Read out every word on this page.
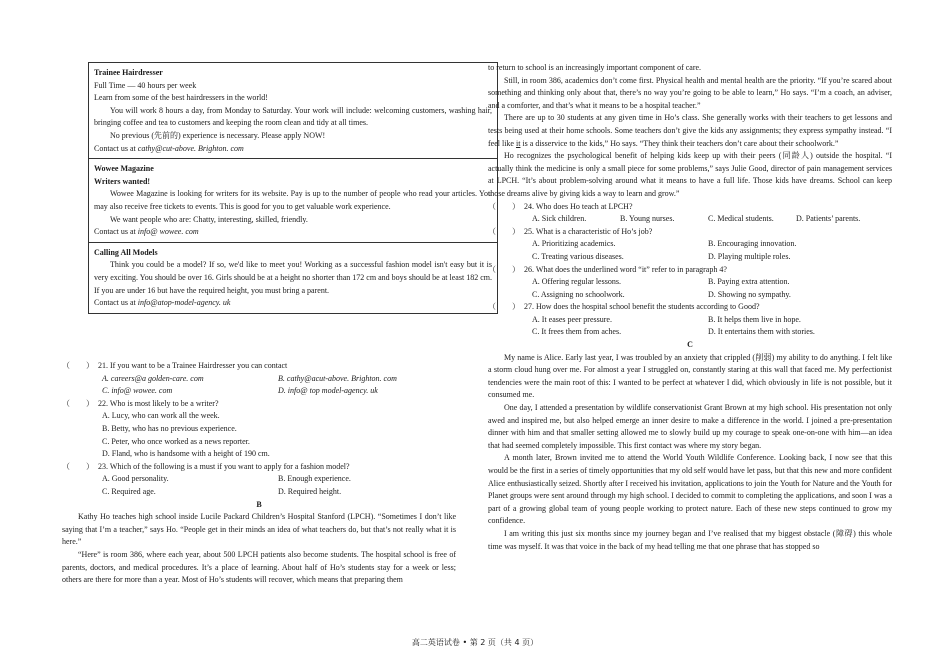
Trainee Hairdresser

Full Time — 40 hours per week

Learn from some of the best hairdressers in the world!

You will work 8 hours a day, from Monday to Saturday. Your work will include: welcoming customers, washing hair, bringing coffee and tea to customers and keeping the room clean and tidy at all times.

No previous (先前的) experience is necessary. Please apply NOW!

Contact us at cathy@cut-above. Brighton. com

Wowee Magazine

Writers wanted!

Wowee Magazine is looking for writers for its website. Pay is up to the number of people who read your articles. You may also receive free tickets to events. This is good for you to get valuable work experience.

We want people who are: Chatty, interesting, skilled, friendly.

Contact us at info@ wowee. com

Calling All Models

Think you could be a model? If so, we'd like to meet you! Working as a successful fashion model isn't easy but it is very exciting. You should be over 16. Girls should be at a height no shorter than 172 cm and boys should be at least 182 cm. If you are under 16 but have the required height, you must bring a parent.

Contact us at info@atop-model-agency. uk

（　　） 21. If you want to be a Trainee Hairdresser you can contact

A. careers@a golden-care. com	B. cathy@acut-above. Brighton. com
C. info@ wowee. com	D. info@ top model-agency. uk

（　　） 22. Who is most likely to be a writer?

A. Lucy, who can work all the week.
B. Betty, who has no previous experience.
C. Peter, who once worked as a news reporter.
D. Fland, who is handsome with a height of 190 cm.

（　　） 23. Which of the following is a must if you want to apply for a fashion model?

A. Good personality.	B. Enough experience.
C. Required age.	D. Required height.

B

Kathy Ho teaches high school inside Lucile Packard Children’s Hospital Stanford (LPCH). “Sometimes I don’t like saying that I’m a teacher,” says Ho. “People get in their minds an idea of what teachers do, but that’s not really what it is here.”

“Here” is room 386, where each year, about 500 LPCH patients also become students. The hospital school is free of parents, doctors, and medical procedures. It’s a place of learning. About half of Ho’s students stay for a week or less; others are there for more than a year. Most of Ho’s students will recover, which means that preparing them

to return to school is an increasingly important component of care.

Still, in room 386, academics don’t come first. Physical health and mental health are the priority. “If you’re scared about something and thinking only about that, there’s no way you’re going to be able to learn,” Ho says. “I’m a coach, an adviser, and a comforter, and that’s what it means to be a hospital teacher.”

There are up to 30 students at any given time in Ho’s class. She generally works with their teachers to get lessons and tests being used at their home schools. Some teachers don’t give the kids any assignments; they express sympathy instead. “I feel like it is a disservice to the kids,” Ho says. “They think their teachers don’t care about their schoolwork.”

Ho recognizes the psychological benefit of helping kids keep up with their peers (同龄人) outside the hospital. “I actually think the medicine is only a small piece for some problems,” says Julie Good, director of pain management services at LPCH. “It’s about problem-solving around what it means to have a full life. Those kids have dreams. School can keep those dreams alive by giving kids a way to learn and grow.”

（　　） 24. Who does Ho teach at LPCH?

A. Sick children.	B. Young nurses.	C. Medical students.	D. Patients’ parents.

（　　） 25. What is a characteristic of Ho’s job?

A. Prioritizing academics.	B. Encouraging innovation.
C. Treating various diseases.	D. Playing multiple roles.

（　　） 26. What does the underlined word “it” refer to in paragraph 4?

A. Offering regular lessons.	B. Paying extra attention.
C. Assigning no schoolwork.	D. Showing no sympathy.

（　　） 27. How does the hospital school benefit the students according to Good?

A. It eases peer pressure.	B. It helps them live in hope.
C. It frees them from aches.	D. It entertains them with stories.

C

My name is Alice. Early last year, I was troubled by an anxiety that crippled (削弱) my ability to do anything. I felt like a storm cloud hung over me. For almost a year I struggled on, constantly staring at this wall that faced me. My perfectionist tendencies were the main root of this: I wanted to be perfect at whatever I did, which obviously in life is not possible, but it consumed me.

One day, I attended a presentation by wildlife conservationist Grant Brown at my high school. His presentation not only awed and inspired me, but also helped emerge an inner desire to make a difference in the world. I joined a pre-presentation dinner with him and that smaller setting allowed me to slowly build up my courage to speak one-on-one with him—an idea that had seemed completely impossible. This first contact was where my story began.

A month later, Brown invited me to attend the World Youth Wildlife Conference. Looking back, I now see that this would be the first in a series of timely opportunities that my old self would have let pass, but that this new and more confident Alice enthusiastically seized. Shortly after I received his invitation, applications to join the Youth for Nature and the Youth for Planet groups were sent around through my high school. I decided to commit to completing the applications, and soon I was a part of a growing global team of young people working to protect nature. Each of these new steps continued to grow my confidence.

I am writing this just six months since my journey began and I’ve realised that my biggest obstacle (障碍) this whole time was myself. It was that voice in the back of my head telling me that one phrase that has stopped so

高二英语试卷 • 第 2 页（共 4 页）
